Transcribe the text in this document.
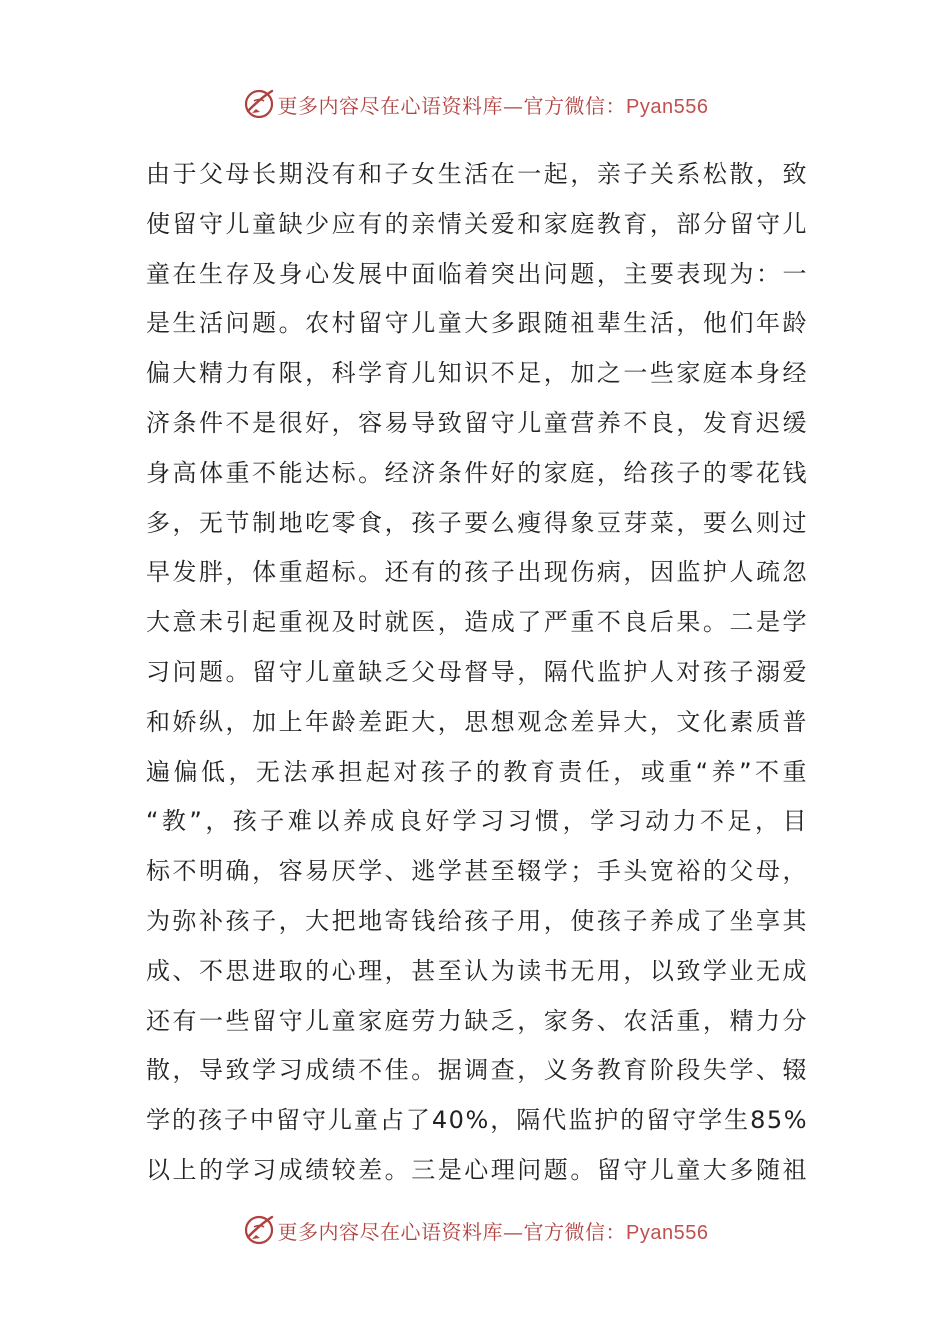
更多内容尽在心语资料库—官方微信：Pyan556
由于父母长期没有和子女生活在一起，亲子关系松散，致
使留守儿童缺少应有的亲情关爱和家庭教育，部分留守儿
童在生存及身心发展中面临着突出问题，主要表现为：一
是生活问题。农村留守儿童大多跟随祖辈生活，他们年龄
偏大精力有限，科学育儿知识不足，加之一些家庭本身经
济条件不是很好，容易导致留守儿童营养不良，发育迟缓
身高体重不能达标。经济条件好的家庭，给孩子的零花钱
多，无节制地吃零食，孩子要么瘦得象豆芽菜，要么则过
早发胖，体重超标。还有的孩子出现伤病，因监护人疏忽
大意未引起重视及时就医，造成了严重不良后果。二是学
习问题。留守儿童缺乏父母督导，隔代监护人对孩子溺爱
和娇纵，加上年龄差距大，思想观念差异大，文化素质普
遍偏低，无法承担起对孩子的教育责任，或重“养”不重
“教”，孩子难以养成良好学习习惯，学习动力不足，目
标不明确，容易厌学、逃学甚至辍学；手头宽裕的父母，
为弥补孩子，大把地寄钱给孩子用，使孩子养成了坐享其
成、不思进取的心理，甚至认为读书无用，以致学业无成
还有一些留守儿童家庭劳力缺乏，家务、农活重，精力分
散，导致学习成绩不佳。据调查，义务教育阶段失学、辍
学的孩子中留守儿童占了40%，隔代监护的留守学生85%
以上的学习成绩较差。三是心理问题。留守儿童大多随祖
更多内容尽在心语资料库—官方微信：Pyan556
